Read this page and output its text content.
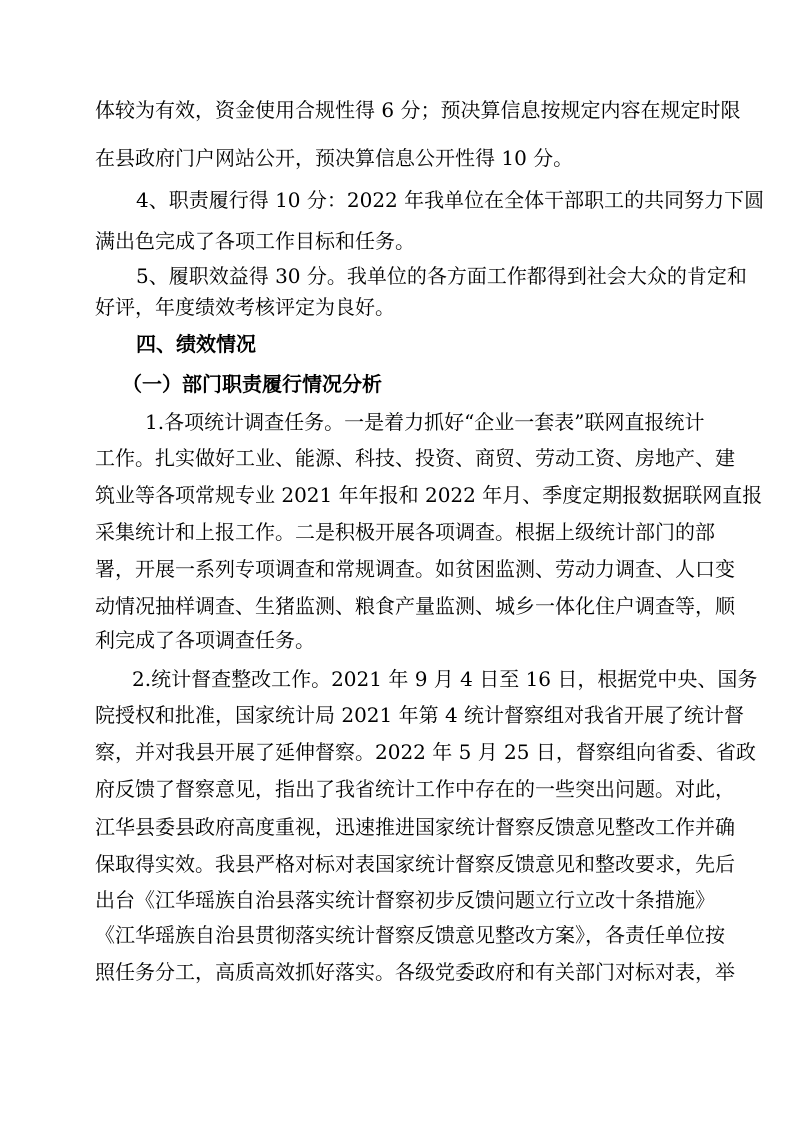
体较为有效，资金使用合规性得 6 分；预决算信息按规定内容在规定时限
在县政府门户网站公开，预决算信息公开性得 10 分。
4、职责履行得 10 分：2022 年我单位在全体干部职工的共同努力下圆
满出色完成了各项工作目标和任务。
5、履职效益得 30 分。我单位的各方面工作都得到社会大众的肯定和
好评，年度绩效考核评定为良好。
四、绩效情况
（一）部门职责履行情况分析
1.各项统计调查任务。一是着力抓好“企业一套表”联网直报统计
工作。扎实做好工业、能源、科技、投资、商贸、劳动工资、房地产、建
筑业等各项常规专业 2021 年年报和 2022 年月、季度定期报数据联网直报
采集统计和上报工作。二是积极开展各项调查。根据上级统计部门的部
署，开展一系列专项调查和常规调查。如贫困监测、劳动力调查、人口变
动情况抽样调查、生猪监测、粮食产量监测、城乡一体化住户调查等，顺
利完成了各项调查任务。
2.统计督查整改工作。2021 年 9 月 4 日至 16 日，根据党中央、国务
院授权和批准，国家统计局 2021 年第 4 统计督察组对我省开展了统计督
察，并对我县开展了延伸督察。2022 年 5 月 25 日，督察组向省委、省政
府反馈了督察意见，指出了我省统计工作中存在的一些突出问题。对此，
江华县委县政府高度重视，迅速推进国家统计督察反馈意见整改工作并确
保取得实效。我县严格对标对表国家统计督察反馈意见和整改要求，先后
出台《江华瑶族自治县落实统计督察初步反馈问题立行立改十条措施》
《江华瑶族自治县贯彻落实统计督察反馈意见整改方案》，各责任单位按
照任务分工，高质高效抓好落实。各级党委政府和有关部门对标对表，举
